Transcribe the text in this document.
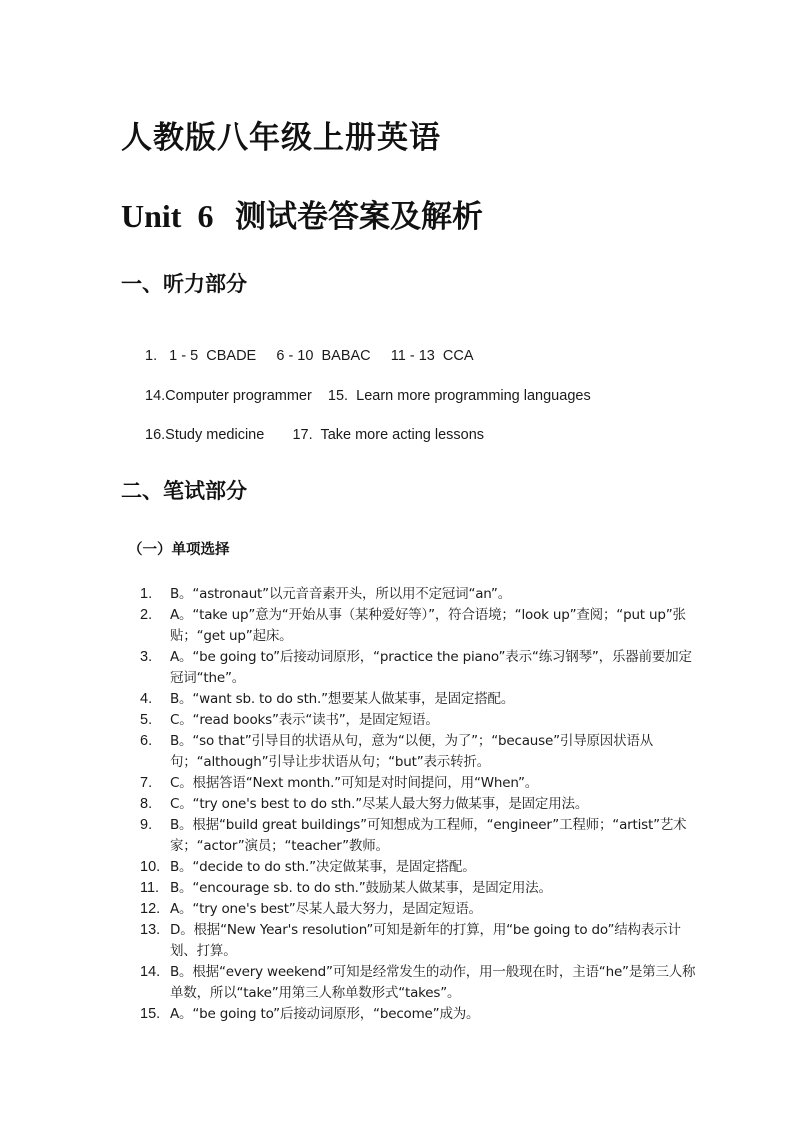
人教版八年级上册英语
Unit  6  测试卷答案及解析
一、听力部分
1.   1 - 5  CBADE     6 - 10  BABAC     11 - 13  CCA
14.Computer programmer    15.  Learn more programming languages
16.Study medicine       17.  Take more acting lessons
二、笔试部分
（一）单项选择
1.	B。“astronaut”以元音音素开头，所以用不定冠词“an”。
2.	A。“take up”意为“开始从事（某种爱好等）”，符合语境；“look up”查阅；“put up”张贴；“get up”起床。
3.	A。“be going to”后接动词原形，“practice the piano”表示“练习钢琴”，乐器前要加定冠词“the”。
4.	B。“want sb. to do sth.”想要某人做某事，是固定搭配。
5.	C。“read books”表示“读书”，是固定短语。
6.	B。“so that”引导目的状语从句，意为“以便，为了”；“because”引导原因状语从句；“although”引导让步状语从句；“but”表示转折。
7.	C。根据答语“Next month.”可知是对时间提问，用“When”。
8.	C。“try one's best to do sth.”尽某人最大努力做某事，是固定用法。
9.	B。根据“build great buildings”可知想成为工程师，“engineer”工程师；“artist”艺术家；“actor”演员；“teacher”教师。
10. B。“decide to do sth.”决定做某事，是固定搭配。
11. B。“encourage sb. to do sth.”鼓励某人做某事，是固定用法。
12. A。“try one's best”尽某人最大努力，是固定短语。
13. D。根据“New Year's resolution”可知是新年的打算，用“be going to do”结构表示计划、打算。
14. B。根据“every weekend”可知是经常发生的动作，用一般现在时，主语“he”是第三人称单数，所以“take”用第三人称单数形式“takes”。
15. A。“be going to”后接动词原形，“become”成为。
